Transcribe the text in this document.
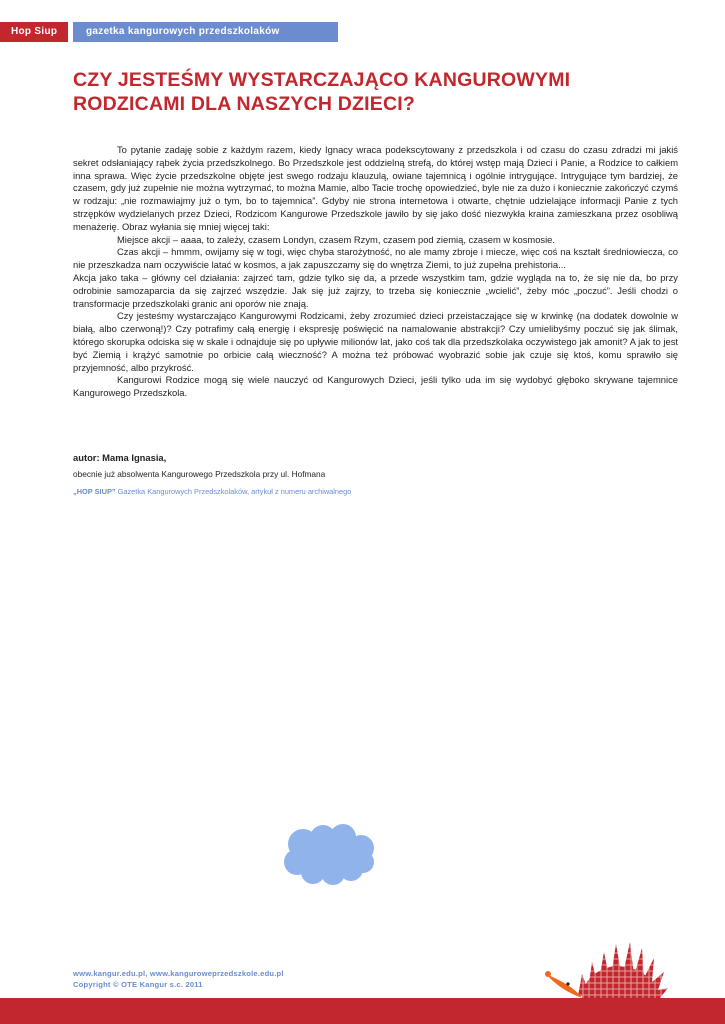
Hop Siup	gazetka kangurowych przedszkolaków
CZY JESTEŚMY WYSTARCZAJĄCO KANGUROWYMI RODZICAMI DLA NASZYCH DZIECI?

To pytanie zadaję sobie z każdym razem, kiedy Ignacy wraca podekscytowany z przedszkola i od czasu do czasu zdradzi mi jakiś sekret odsłaniający rąbek życia przedszkolnego. Bo Przedszkole jest oddzielną strefą, do której wstęp mają Dzieci i Panie, a Rodzice to całkiem inna sprawa. Więc życie przedszkolne objęte jest swego rodzaju klauzulą, owiane tajemnicą i ogólnie intrygujące. Intrygujące tym bardziej, że czasem, gdy już zupełnie nie można wytrzymać, to można Mamie, albo Tacie trochę opowiedzieć, byle nie za dużo i koniecznie zakończyć czymś w rodzaju: „nie rozmawiajmy już o tym, bo to tajemnica”. Gdyby nie strona internetowa i otwarte, chętnie udzielające informacji Panie z tych strzępków wydzielanych przez Dzieci, Rodzicom Kangurowe Przedszkole jawiło by się jako dość niezwykła kraina zamieszkana przez osobliwą menażerię. Obraz wyłania się mniej więcej taki:

Miejsce akcji – aaaa, to zależy, czasem Londyn, czasem Rzym, czasem pod ziemią, czasem w kosmosie.

Czas akcji – hmmm, owijamy się w togi, więc chyba starożytność, no ale mamy zbroje i miecze, więc coś na kształt średniowiecza, co nie przeszkadza nam oczywiście latać w kosmos, a jak zapuszczamy się do wnętrza Ziemi, to już zupełna prehistoria...

Akcja jako taka – główny cel działania: zajrzeć tam, gdzie tylko się da, a przede wszystkim tam, gdzie wygląda na to, że się nie da, bo przy odrobinie samozaparcia da się zajrzeć wszędzie. Jak się już zajrzy, to trzeba się koniecznie „wcielić”, żeby móc „poczuć”. Jeśli chodzi o transformacje przedszkolaki granic ani oporów nie znają.

Czy jesteśmy wystarczająco Kangurowymi Rodzicami, żeby zrozumieć dzieci przeistaczające się w krwinkę (na dodatek dowolnie w białą, albo czerwoną!)? Czy potrafimy całą energię i ekspresję poświęcić na namalowanie abstrakcji? Czy umielibyśmy poczuć się jak ślimak, którego skorupka odciska się w skale i odnajduje się po upływie milionów lat, jako coś tak dla przedszkolaka oczywistego jak amonit? A jak to jest być Ziemią i krążyć samotnie po orbicie całą wieczność? A można też próbować wyobrazić sobie jak czuje się ktoś, komu sprawiło się przyjemność, albo przykrość.

Kangurowi Rodzice mogą się wiele nauczyć od Kangurowych Dzieci, jeśli tylko uda im się wydobyć głęboko skrywane tajemnice Kangurowego Przedszkola.

autor: Mama Ignasia,
obecnie już absolwenta Kangurowego Przedszkola przy ul. Hofmana
„HOP SIUP” Gazetka Kangurowych Przedszkolaków, artykuł z numeru archiwalnego
www.kangur.edu.pl, www.kanguroweprzedszkole.edu.pl
Copyright © OTE Kangur s.c. 2011
